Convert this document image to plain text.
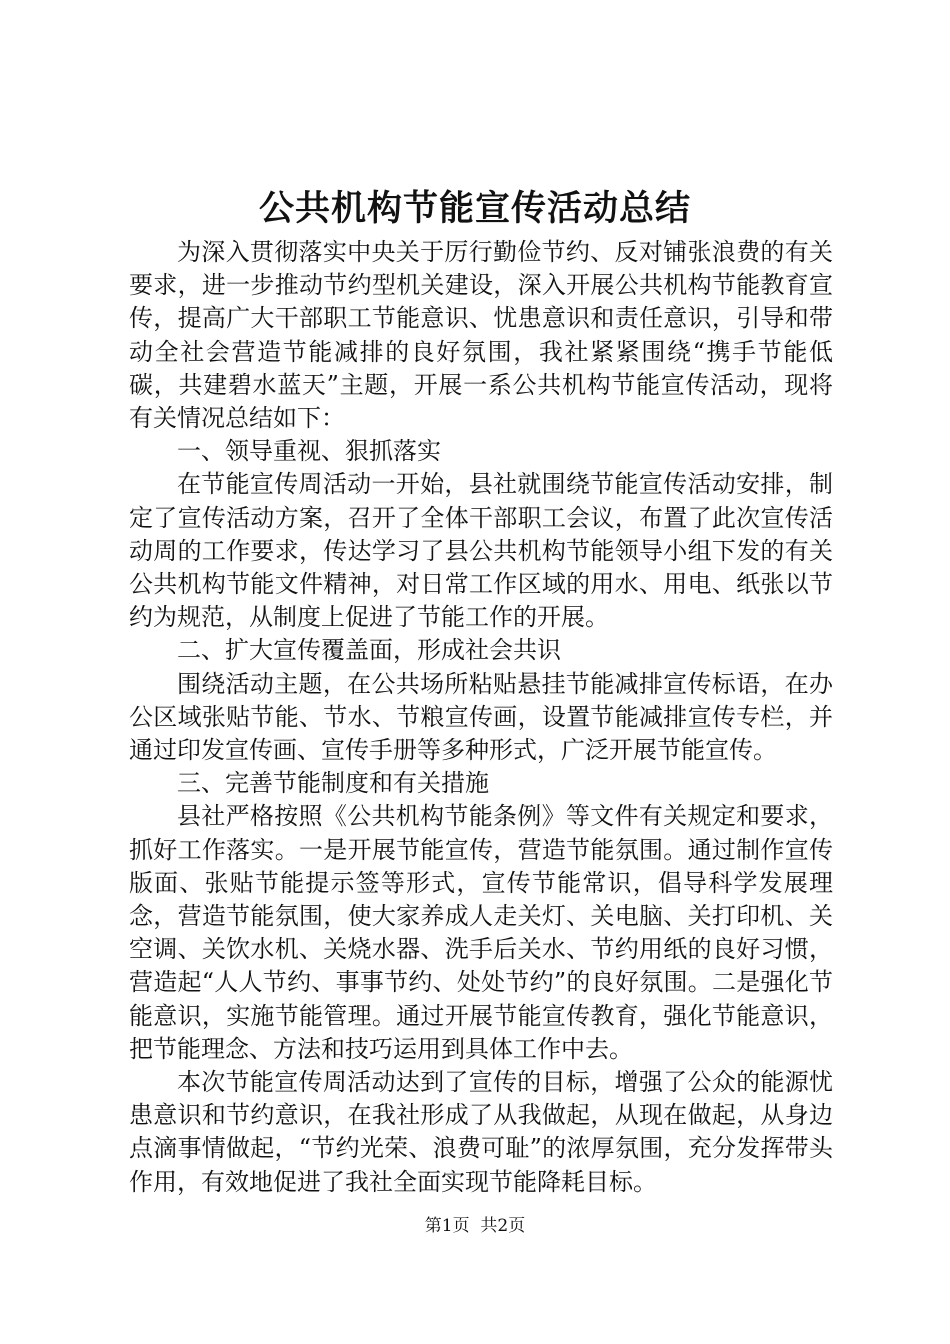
公共机构节能宣传活动总结

为深入贯彻落实中央关于厉行勤俭节约、反对铺张浪费的有关要求，进一步推动节约型机关建设，深入开展公共机构节能教育宣传，提高广大干部职工节能意识、忧患意识和责任意识，引导和带动全社会营造节能减排的良好氛围，我社紧紧围绕“携手节能低碳，共建碧水蓝天”主题，开展一系公共机构节能宣传活动，现将有关情况总结如下：

一、领导重视、狠抓落实

在节能宣传周活动一开始，县社就围绕节能宣传活动安排，制定了宣传活动方案，召开了全体干部职工会议，布置了此次宣传活动周的工作要求，传达学习了县公共机构节能领导小组下发的有关公共机构节能文件精神，对日常工作区域的用水、用电、纸张以节约为规范，从制度上促进了节能工作的开展。

二、扩大宣传覆盖面，形成社会共识

围绕活动主题，在公共场所粘贴悬挂节能减排宣传标语，在办公区域张贴节能、节水、节粮宣传画，设置节能减排宣传专栏，并通过印发宣传画、宣传手册等多种形式，广泛开展节能宣传。

三、完善节能制度和有关措施

县社严格按照《公共机构节能条例》等文件有关规定和要求，抓好工作落实。一是开展节能宣传，营造节能氛围。通过制作宣传版面、张贴节能提示签等形式，宣传节能常识，倡导科学发展理念，营造节能氛围，使大家养成人走关灯、关电脑、关打印机、关空调、关饮水机、关烧水器、洗手后关水、节约用纸的良好习惯，营造起“人人节约、事事节约、处处节约”的良好氛围。二是强化节能意识，实施节能管理。通过开展节能宣传教育，强化节能意识，把节能理念、方法和技巧运用到具体工作中去。

本次节能宣传周活动达到了宣传的目标，增强了公众的能源忧患意识和节约意识，在我社形成了从我做起，从现在做起，从身边点滴事情做起，“节约光荣、浪费可耻”的浓厚氛围，充分发挥带头作用，有效地促进了我社全面实现节能降耗目标。

第1页 共2页
